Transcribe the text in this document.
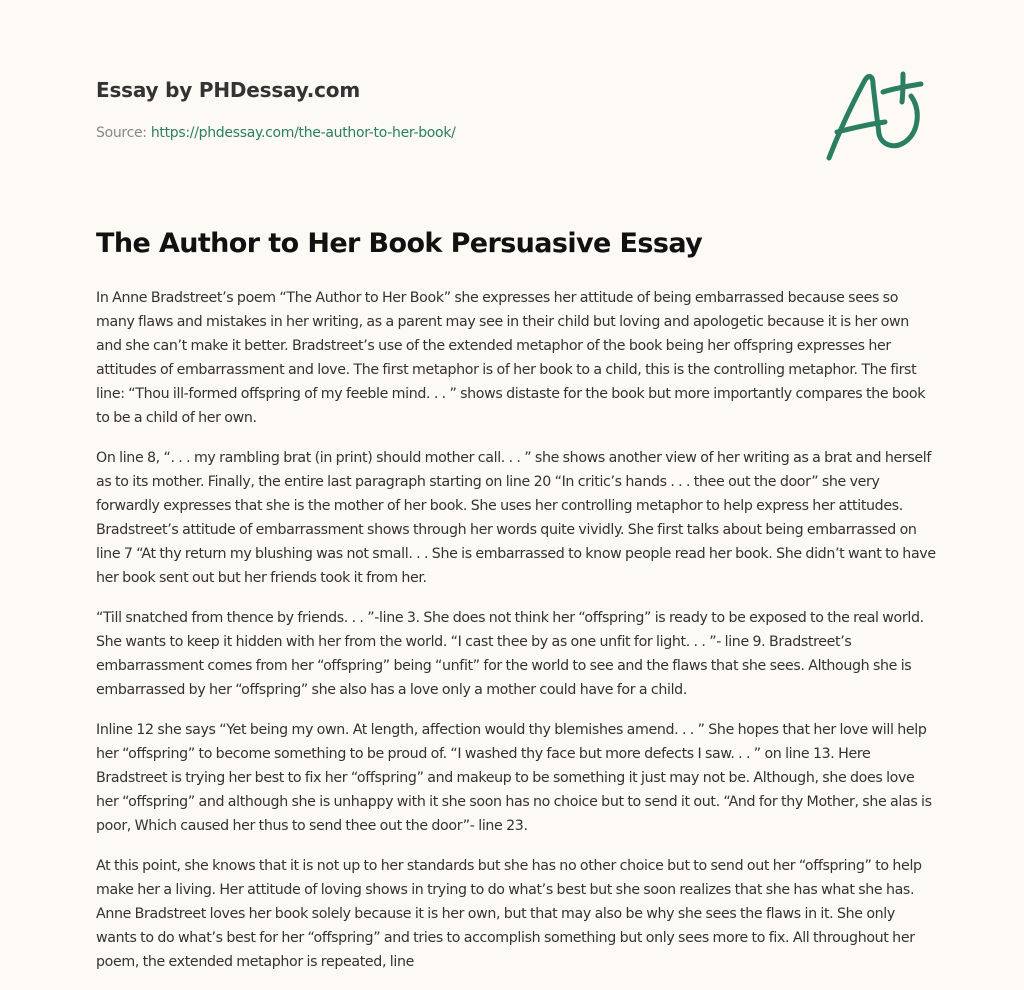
Essay by PHDessay.com
Source: https://phdessay.com/the-author-to-her-book/
The Author to Her Book Persuasive Essay

In Anne Bradstreet’s poem “The Author to Her Book” she expresses her attitude of being embarrassed because sees so many flaws and mistakes in her writing, as a parent may see in their child but loving and apologetic because it is her own and she can’t make it better. Bradstreet’s use of the extended metaphor of the book being her offspring expresses her attitudes of embarrassment and love. The first metaphor is of her book to a child, this is the controlling metaphor. The first line: “Thou ill-formed offspring of my feeble mind. . . ” shows distaste for the book but more importantly compares the book to be a child of her own.

On line 8, “. . . my rambling brat (in print) should mother call. . . ” she shows another view of her writing as a brat and herself as to its mother. Finally, the entire last paragraph starting on line 20 “In critic’s hands . . . thee out the door” she very forwardly expresses that she is the mother of her book. She uses her controlling metaphor to help express her attitudes. Bradstreet’s attitude of embarrassment shows through her words quite vividly. She first talks about being embarrassed on line 7 “At thy return my blushing was not small. . . She is embarrassed to know people read her book. She didn’t want to have her book sent out but her friends took it from her.

“Till snatched from thence by friends. . . ”-line 3. She does not think her “offspring” is ready to be exposed to the real world. She wants to keep it hidden with her from the world. “I cast thee by as one unfit for light. . . ”- line 9. Bradstreet’s embarrassment comes from her “offspring” being “unfit” for the world to see and the flaws that she sees. Although she is embarrassed by her “offspring” she also has a love only a mother could have for a child.

Inline 12 she says “Yet being my own. At length, affection would thy blemishes amend. . . ” She hopes that her love will help her “offspring” to become something to be proud of. “I washed thy face but more defects I saw. . . ” on line 13. Here Bradstreet is trying her best to fix her “offspring” and makeup to be something it just may not be. Although, she does love her “offspring” and although she is unhappy with it she soon has no choice but to send it out. “And for thy Mother, she alas is poor, Which caused her thus to send thee out the door”- line 23.

At this point, she knows that it is not up to her standards but she has no other choice but to send out her “offspring” to help make her a living. Her attitude of loving shows in trying to do what’s best but she soon realizes that she has what she has. Anne Bradstreet loves her book solely because it is her own, but that may also be why she sees the flaws in it. She only wants to do what’s best for her “offspring” and tries to accomplish something but only sees more to fix. All throughout her poem, the extended metaphor is repeated, line
